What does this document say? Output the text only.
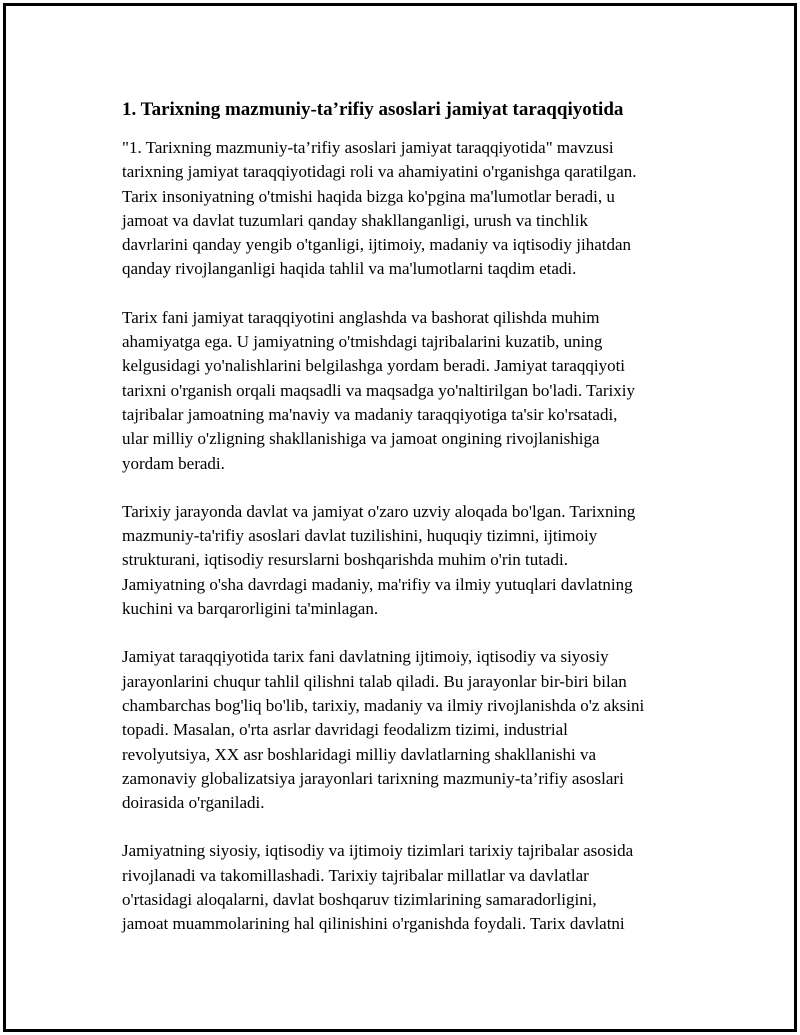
1. Tarixning mazmuniy-ta’rifiy asoslari jamiyat taraqqiyotida

"1. Tarixning mazmuniy-ta’rifiy asoslari jamiyat taraqqiyotida" mavzusi
tarixning jamiyat taraqqiyotidagi roli va ahamiyatini o'rganishga qaratilgan.
Tarix insoniyatning o'tmishi haqida bizga ko'pgina ma'lumotlar beradi, u
jamoat va davlat tuzumlari qanday shakllanganligi, urush va tinchlik
davrlarini qanday yengib o'tganligi, ijtimoiy, madaniy va iqtisodiy jihatdan
qanday rivojlanganligi haqida tahlil va ma'lumotlarni taqdim etadi.

Tarix fani jamiyat taraqqiyotini anglashda va bashorat qilishda muhim
ahamiyatga ega. U jamiyatning o'tmishdagi tajribalarini kuzatib, uning
kelgusidagi yo'nalishlarini belgilashga yordam beradi. Jamiyat taraqqiyoti
tarixni o'rganish orqali maqsadli va maqsadga yo'naltirilgan bo'ladi. Tarixiy
tajribalar jamoatning ma'naviy va madaniy taraqqiyotiga ta'sir ko'rsatadi,
ular milliy o'zligning shakllanishiga va jamoat ongining rivojlanishiga
yordam beradi.

Tarixiy jarayonda davlat va jamiyat o'zaro uzviy aloqada bo'lgan. Tarixning
mazmuniy-ta'rifiy asoslari davlat tuzilishini, huquqiy tizimni, ijtimoiy
strukturani, iqtisodiy resurslarni boshqarishda muhim o'rin tutadi.
Jamiyatning o'sha davrdagi madaniy, ma'rifiy va ilmiy yutuqlari davlatning
kuchini va barqarorligini ta'minlagan.

Jamiyat taraqqiyotida tarix fani davlatning ijtimoiy, iqtisodiy va siyosiy
jarayonlarini chuqur tahlil qilishni talab qiladi. Bu jarayonlar bir-biri bilan
chambarchas bog'liq bo'lib, tarixiy, madaniy va ilmiy rivojlanishda o'z aksini
topadi. Masalan, o'rta asrlar davridagi feodalizm tizimi, industrial
revolyutsiya, XX asr boshlaridagi milliy davlatlarning shakllanishi va
zamonaviy globalizatsiya jarayonlari tarixning mazmuniy-ta’rifiy asoslari
doirasida o'rganiladi.

Jamiyatning siyosiy, iqtisodiy va ijtimoiy tizimlari tarixiy tajribalar asosida
rivojlanadi va takomillashadi. Tarixiy tajribalar millatlar va davlatlar
o'rtasidagi aloqalarni, davlat boshqaruv tizimlarining samaradorligini,
jamoat muammolarining hal qilinishini o'rganishda foydali. Tarix davlatni
